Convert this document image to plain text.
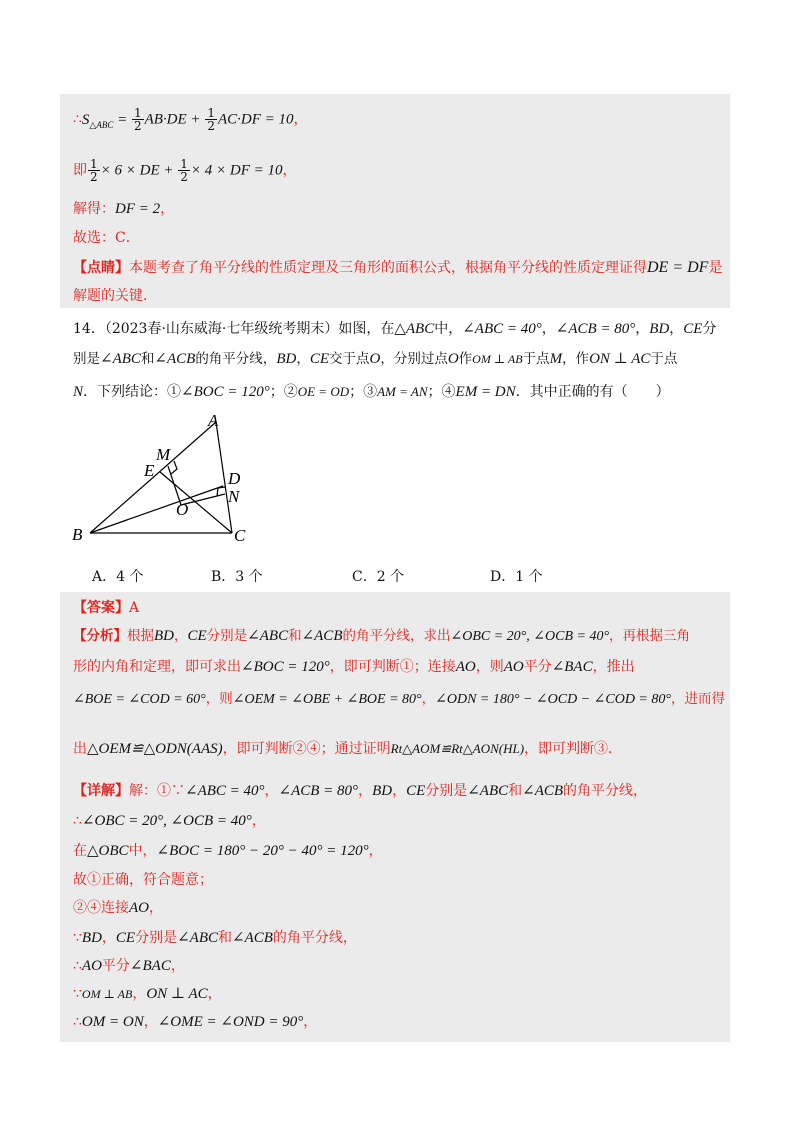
$\therefore S_{\triangle ABC} = \frac{1}{2} AB\cdot DE + \frac{1}{2} AC\cdot DF = 10$，
即 $\frac{1}{2} \times 6$ × DE + $\frac{1}{2} \times 4$ × DF = 10，
解得：DF = 2，
故选：C．
【点睛】本题考查了角平分线的性质定理及三角形的面积公式，根据角平分线的性质定理证得DE = DF是
解题的关键．
14．（2023春·山东威海·七年级统考期末）如图，在△ABC中，∠ABC = 40°，∠ACB = 80°，BD，CE分
别是∠ABC和∠ACB的角平分线，BD，CE交于点O，分别过点O作OM ⊥ AB于点M，作ON ⊥ AC于点
N．下列结论：①∠BOC = 120°；②OE = OD；③AM = AN；④EM = DN．其中正确的有（　　）
A
B	C
D
E
M
N
O
A．4 个	B．3 个	C．2 个	D．1 个
【答案】A
【分析】根据BD，CE分别是∠ABC和∠ACB的角平分线，求出∠OBC = 20°, ∠OCB = 40°，再根据三角
形的内角和定理，即可求出∠BOC = 120°，即可判断①；连接AO，则AO平分∠BAC，推出
∠BOE = ∠COD = 60°，则∠OEM = ∠OBE + ∠BOE = 80°，∠ODN = 180° − ∠OCD − ∠COD = 80°，进而得
出△OEM≌△ODN(AAS)，即可判断②④；通过证明Rt△AOM≌Rt△AON(HL)，即可判断③．
【详解】解：①∵∠ABC = 40°，∠ACB = 80°，BD，CE分别是∠ABC和∠ACB的角平分线，
∴∠OBC = 20°, ∠OCB = 40°，
在△OBC中，∠BOC = 180° − 20° − 40° = 120°，
故①正确，符合题意；
②④连接AO，
∵BD，CE分别是∠ABC和∠ACB的角平分线，
∴AO平分∠BAC，
∵OM ⊥ AB，ON ⊥ AC，
∴OM = ON，∠OME = ∠OND = 90°，
